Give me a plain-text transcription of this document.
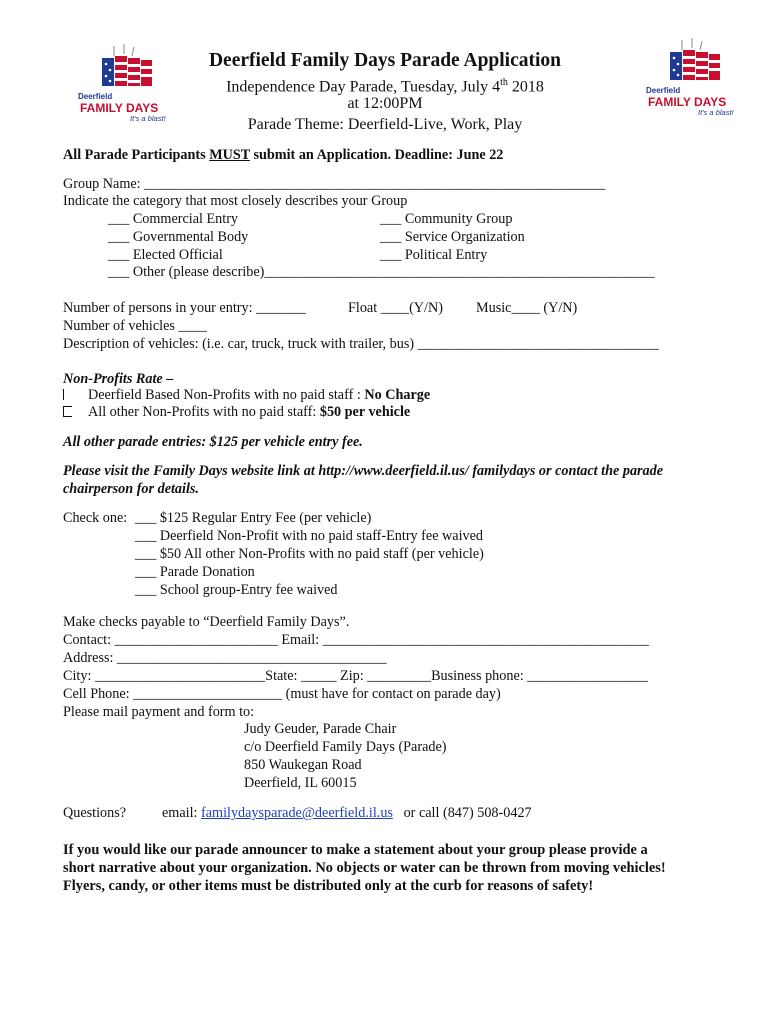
Deerfield
FAMILY DAYS
It's a blast!
Deerfield
FAMILY DAYS
It's a blast!
Deerfield Family Days Parade Application
Independence Day Parade, Tuesday, July 4th 2018
at 12:00PM
Parade Theme: Deerfield-Live, Work, Play
All Parade Participants MUST submit an Application. Deadline: June 22
Group Name: _________________________________________________________________
Indicate the category that most closely describes your Group
___ Commercial Entry	___ Community Group
___ Governmental Body	___ Service Organization
___ Elected Official	___ Political Entry
___ Other (please describe)_______________________________________________________
Number of persons in your entry: _______	Float ____(Y/N) Music____ (Y/N)
Number of vehicles ____
Description of vehicles: (i.e. car, truck, truck with trailer, bus) __________________________________
Non-Profits Rate –
Deerfield Based Non-Profits with no paid staff : No Charge
All other Non-Profits with no paid staff: $50 per vehicle
All other parade entries: $125 per vehicle entry fee.
Please visit the Family Days website link at http://www.deerfield.il.us/ familydays or contact the parade
chairperson for details.
Check one: ___ $125 Regular Entry Fee (per vehicle)
___ Deerfield Non-Profit with no paid staff-Entry fee waived
___ $50 All other Non-Profits with no paid staff (per vehicle)
___ Parade Donation
___ School group-Entry fee waived
Make checks payable to “Deerfield Family Days”.
Contact: _______________________ Email: ______________________________________________
Address: ______________________________________
City: ________________________State: _____ Zip: _________Business phone: _________________
Cell Phone: _____________________ (must have for contact on parade day)
Please mail payment and form to:
Judy Geuder, Parade Chair
c/o Deerfield Family Days (Parade)
850 Waukegan Road
Deerfield, IL 60015
Questions?	email: familydaysparade@deerfield.il.us   or call (847) 508-0427
If you would like our parade announcer to make a statement about your group please provide a
short narrative about your organization. No objects or water can be thrown from moving vehicles!
Flyers, candy, or other items must be distributed only at the curb for reasons of safety!
